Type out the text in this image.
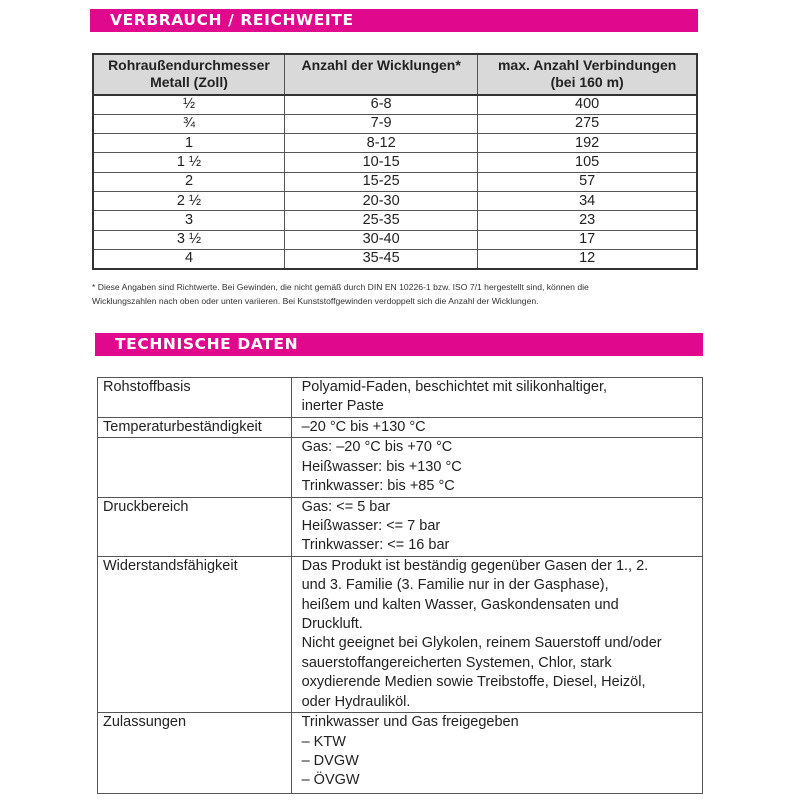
VERBRAUCH / REICHWEITE
Rohraußendurchmesser
Metall (Zoll)	Anzahl der Wicklungen*	max. Anzahl Verbindungen
(bei 160 m)

½	6-8	400
¾	7-9	275
1	8-12	192
1 ½	10-15	105
2	15-25	57
2 ½	20-30	34
3	25-35	23
3 ½	30-40	17
4	35-45	12
* Diese Angaben sind Richtwerte. Bei Gewinden, die nicht gemäß durch DIN EN 10226-1 bzw. ISO 7/1 hergestellt sind, können die
Wicklungszahlen nach oben oder unten variieren. Bei Kunststoffgewinden verdoppelt sich die Anzahl der Wicklungen.
TECHNISCHE DATEN
Rohstoffbasis	Polyamid-Faden, beschichtet mit silikonhaltiger,
inerter Paste

Temperaturbeständigkeit	–20 °C bis +130 °C

	Gas: –20 °C bis +70 °C
Heißwasser: bis +130 °C
Trinkwasser: bis +85 °C

Druckbereich	Gas: <= 5 bar
Heißwasser: <= 7 bar
Trinkwasser: <= 16 bar

Widerstandsfähigkeit	Das Produkt ist beständig gegenüber Gasen der 1., 2.
und 3. Familie (3. Familie nur in der Gasphase),
heißem und kalten Wasser, Gaskondensaten und
Druckluft.
Nicht geeignet bei Glykolen, reinem Sauerstoff und/oder
sauerstoffangereicherten Systemen, Chlor, stark
oxydierende Medien sowie Treibstoffe, Diesel, Heizöl,
oder Hydrauliköl.

Zulassungen	Trinkwasser und Gas freigegeben
– KTW
– DVGW
– ÖVGW
